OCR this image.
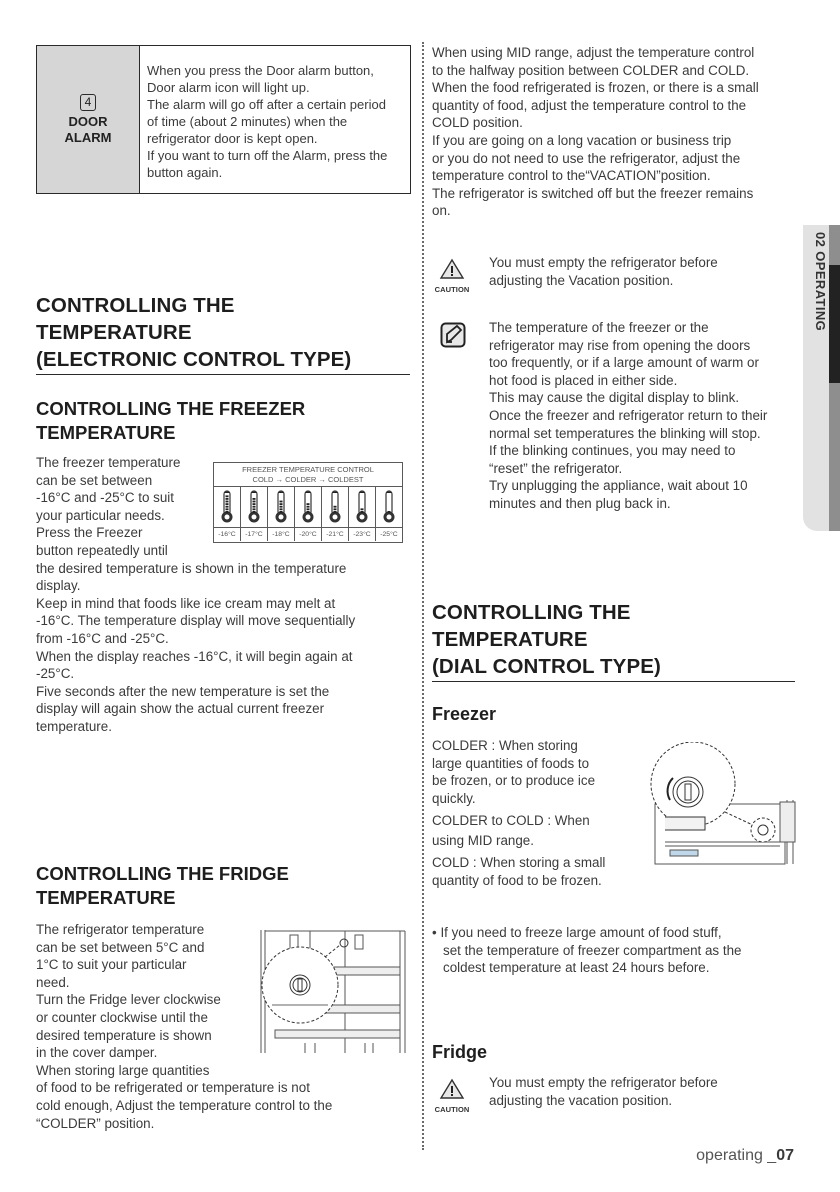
4
DOOR
ALARM
When you press the Door alarm button,
Door alarm icon will light up.
The alarm will go off after a certain period
of time (about 2 minutes) when the
refrigerator door is kept open.
If you want to turn off the Alarm, press the
button again.
CONTROLLING THE
TEMPERATURE
(ELECTRONIC CONTROL TYPE)
CONTROLLING THE FREEZER
TEMPERATURE
The freezer temperature
can be set between
-16°C and -25°C to suit
your particular needs.
Press the Freezer
button repeatedly until
the desired temperature is shown in the temperature
display.
Keep in mind that foods like ice cream may melt at
-16°C. The temperature display will move sequentially
from -16°C and -25°C.
When the display reaches -16°C, it will begin again at
-25°C.
Five seconds after the new temperature is set the
display will again show the actual current freezer
temperature.
FREEZER TEMPERATURE CONTROL
COLD → COLDER → COLDEST
-16°C	-17°C	-18°C	-20°C	-21°C	-23°C	-25°C
CONTROLLING THE FRIDGE
TEMPERATURE
The refrigerator temperature
can be set between 5°C and
1°C to suit your particular
need.
Turn the Fridge lever clockwise
or counter clockwise until the
desired temperature is shown
in the cover damper.
When storing large quantities
of food to be refrigerated or temperature is not
cold enough, Adjust the temperature control to the
“COLDER” position.
When using MID range, adjust the temperature control
to the halfway position between COLDER and COLD.
When the food refrigerated is frozen, or there is a small
quantity of food, adjust the temperature control to the
COLD position.
If you are going on a long vacation or business trip
or you do not need to use the refrigerator, adjust the
temperature control to the“VACATION”position.
The refrigerator is switched off but the freezer remains
on.
CAUTION
You must empty the refrigerator before
adjusting the Vacation position.
The temperature of the freezer or the
refrigerator may rise from opening the doors
too frequently, or if a large amount of warm or
hot food is placed in either side.
This may cause the digital display to blink.
Once the freezer and refrigerator return to their
normal set temperatures the blinking will stop.
If the blinking continues, you may need to
“reset” the refrigerator.
Try unplugging the appliance, wait about 10
minutes and then plug back in.
02 OPERATING
CONTROLLING THE
TEMPERATURE
(DIAL CONTROL TYPE)
Freezer
COLDER : When storing
large quantities of foods to
be frozen, or to produce ice
quickly.
COLDER to COLD : When
using MID range.
COLD : When storing a small
quantity of food to be frozen.
• If you need to freeze large amount of food stuff,
set the temperature of freezer compartment as the
coldest temperature at least 24 hours before.
Fridge
CAUTION
You must empty the refrigerator before
adjusting the vacation position.
operating _07
